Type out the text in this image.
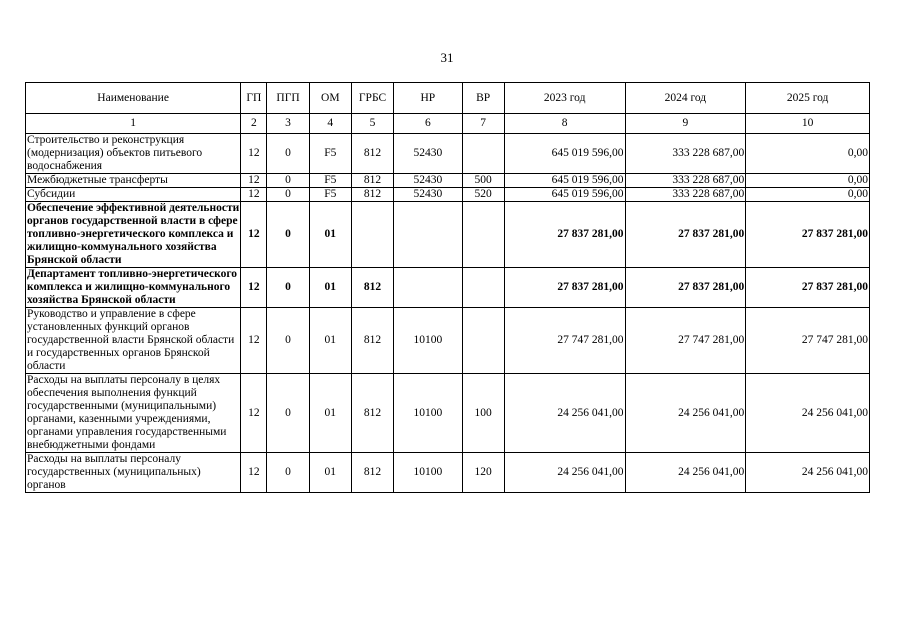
31
Наименование	ГП	ПГП	ОМ	ГРБС	НР	ВР	2023 год	2024 год	2025 год
1	2	3	4	5	6	7	8	9	10
Строительство и реконструкция (модернизация) объектов питьевого водоснабжения	12	0	F5	812	52430		645 019 596,00	333 228 687,00	0,00
Межбюджетные трансферты	12	0	F5	812	52430	500	645 019 596,00	333 228 687,00	0,00
Субсидии	12	0	F5	812	52430	520	645 019 596,00	333 228 687,00	0,00
Обеспечение эффективной деятельности органов государственной власти в сфере топливно-энергетического комплекса и жилищно-коммунального хозяйства Брянской области	12	0	01				27 837 281,00	27 837 281,00	27 837 281,00
Департамент топливно-энергетического комплекса и жилищно-коммунального хозяйства Брянской области	12	0	01	812			27 837 281,00	27 837 281,00	27 837 281,00
Руководство и управление в сфере установленных функций органов государственной власти Брянской области и государственных органов Брянской области	12	0	01	812	10100		27 747 281,00	27 747 281,00	27 747 281,00
Расходы на выплаты персоналу в целях обеспечения выполнения функций государственными (муниципальными) органами, казенными учреждениями, органами управления государственными внебюджетными фондами	12	0	01	812	10100	100	24 256 041,00	24 256 041,00	24 256 041,00
Расходы на выплаты персоналу государственных (муниципальных) органов	12	0	01	812	10100	120	24 256 041,00	24 256 041,00	24 256 041,00
